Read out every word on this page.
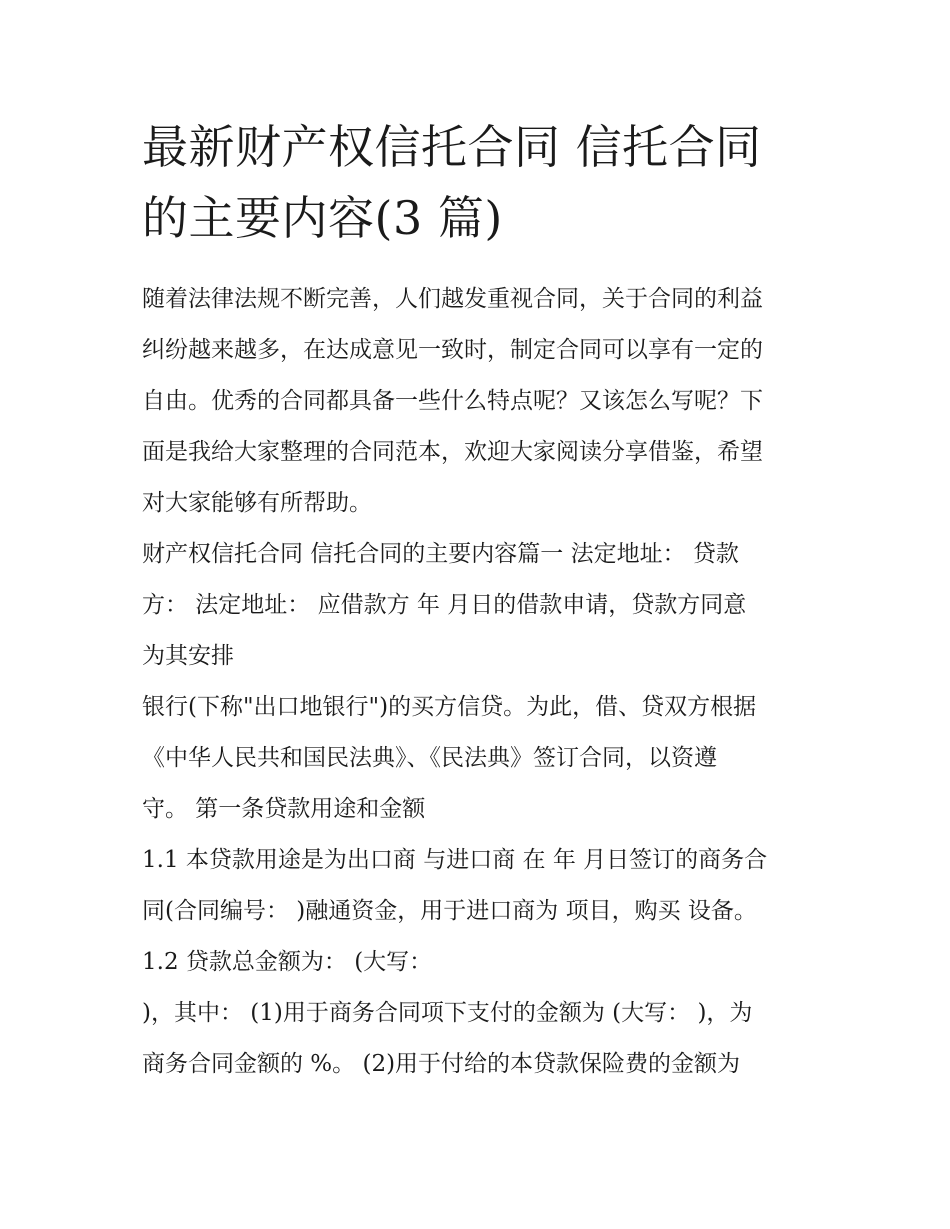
最新财产权信托合同 信托合同
的主要内容(3 篇)
随着法律法规不断完善，人们越发重视合同，关于合同的利益
纠纷越来越多，在达成意见一致时，制定合同可以享有一定的
自由。优秀的合同都具备一些什么特点呢？又该怎么写呢？下
面是我给大家整理的合同范本，欢迎大家阅读分享借鉴，希望
对大家能够有所帮助。
财产权信托合同 信托合同的主要内容篇一 法定地址： 贷款
方： 法定地址： 应借款方 年 月日的借款申请，贷款方同意
为其安排
银行(下称"出口地银行")的买方信贷。为此，借、贷双方根据
《中华人民共和国民法典》、《民法典》签订合同，以资遵
守。 第一条贷款用途和金额
1.1 本贷款用途是为出口商 与进口商 在 年 月日签订的商务合
同(合同编号： )融通资金，用于进口商为 项目，购买 设备。
1.2 贷款总金额为： (大写：
)，其中： (1)用于商务合同项下支付的金额为 (大写： )，为
商务合同金额的 %。 (2)用于付给的本贷款保险费的金额为
